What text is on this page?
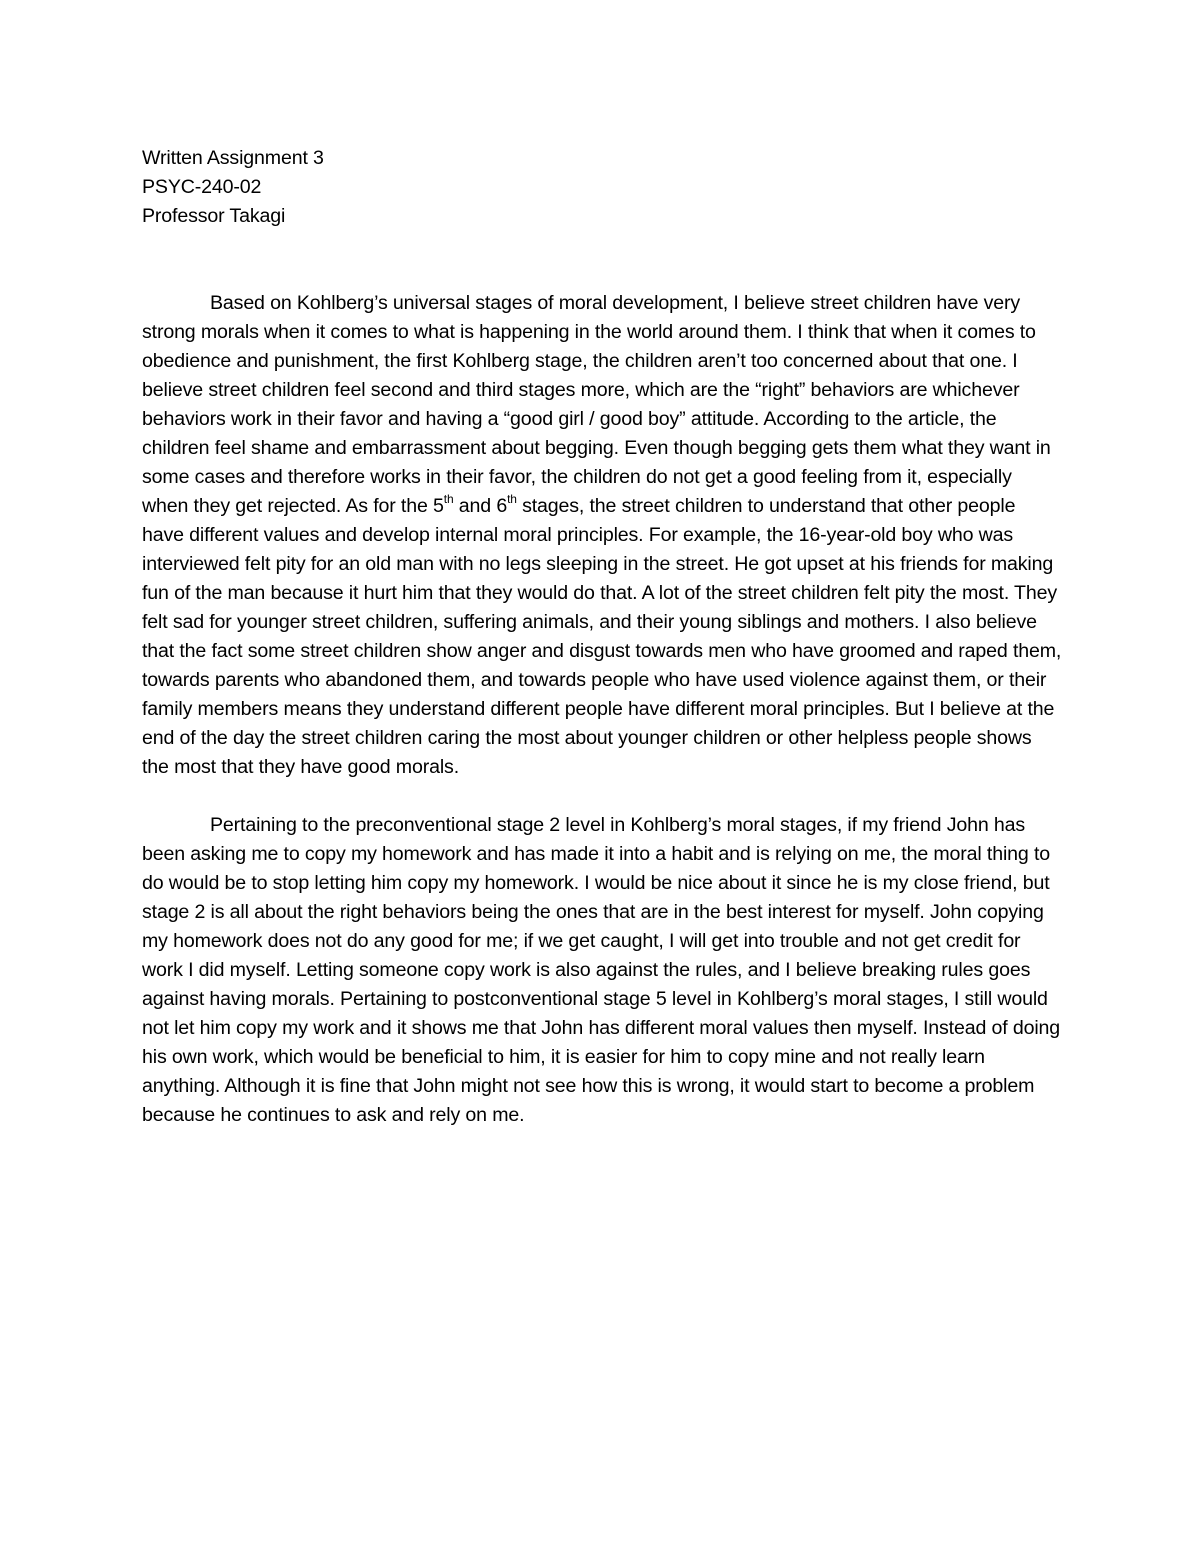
Written Assignment 3
PSYC-240-02
Professor Takagi

Based on Kohlberg’s universal stages of moral development, I believe street children have very strong morals when it comes to what is happening in the world around them. I think that when it comes to obedience and punishment, the first Kohlberg stage, the children aren’t too concerned about that one. I believe street children feel second and third stages more, which are the “right” behaviors are whichever behaviors work in their favor and having a “good girl / good boy” attitude. According to the article, the children feel shame and embarrassment about begging. Even though begging gets them what they want in some cases and therefore works in their favor, the children do not get a good feeling from it, especially when they get rejected. As for the 5th and 6th stages, the street children to understand that other people have different values and develop internal moral principles. For example, the 16-year-old boy who was interviewed felt pity for an old man with no legs sleeping in the street. He got upset at his friends for making fun of the man because it hurt him that they would do that. A lot of the street children felt pity the most. They felt sad for younger street children, suffering animals, and their young siblings and mothers. I also believe that the fact some street children show anger and disgust towards men who have groomed and raped them, towards parents who abandoned them, and towards people who have used violence against them, or their family members means they understand different people have different moral principles. But I believe at the end of the day the street children caring the most about younger children or other helpless people shows the most that they have good morals.

Pertaining to the preconventional stage 2 level in Kohlberg’s moral stages, if my friend John has been asking me to copy my homework and has made it into a habit and is relying on me, the moral thing to do would be to stop letting him copy my homework. I would be nice about it since he is my close friend, but stage 2 is all about the right behaviors being the ones that are in the best interest for myself. John copying my homework does not do any good for me; if we get caught, I will get into trouble and not get credit for work I did myself. Letting someone copy work is also against the rules, and I believe breaking rules goes against having morals. Pertaining to postconventional stage 5 level in Kohlberg’s moral stages, I still would not let him copy my work and it shows me that John has different moral values then myself. Instead of doing his own work, which would be beneficial to him, it is easier for him to copy mine and not really learn anything. Although it is fine that John might not see how this is wrong, it would start to become a problem because he continues to ask and rely on me.
